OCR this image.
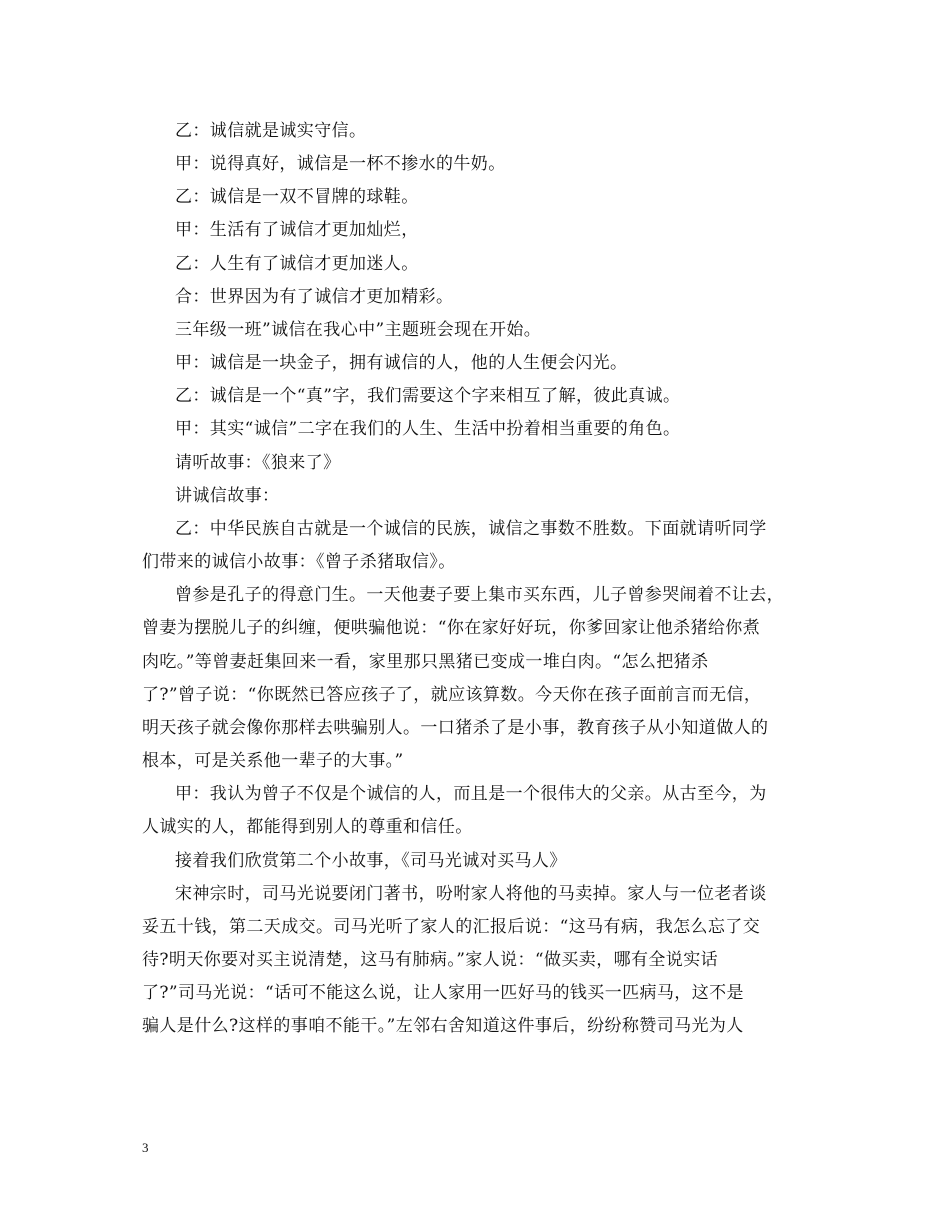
乙：诚信就是诚实守信。
甲：说得真好，诚信是一杯不掺水的牛奶。
乙：诚信是一双不冒牌的球鞋。
甲：生活有了诚信才更加灿烂，
乙：人生有了诚信才更加迷人。
合：世界因为有了诚信才更加精彩。
三年级一班”诚信在我心中”主题班会现在开始。
甲：诚信是一块金子，拥有诚信的人，他的人生便会闪光。
乙：诚信是一个“真”字，我们需要这个字来相互了解，彼此真诚。
甲：其实“诚信”二字在我们的人生、生活中扮着相当重要的角色。
请听故事：《狼来了》
讲诚信故事：
乙：中华民族自古就是一个诚信的民族，诚信之事数不胜数。下面就请听同学
们带来的诚信小故事：《曾子杀猪取信》。
曾参是孔子的得意门生。一天他妻子要上集市买东西，儿子曾参哭闹着不让去，
曾妻为摆脱儿子的纠缠，便哄骗他说：“你在家好好玩，你爹回家让他杀猪给你煮
肉吃。”等曾妻赶集回来一看，家里那只黑猪已变成一堆白肉。“怎么把猪杀
了?”曾子说：“你既然已答应孩子了，就应该算数。今天你在孩子面前言而无信，
明天孩子就会像你那样去哄骗别人。一口猪杀了是小事，教育孩子从小知道做人的
根本，可是关系他一辈子的大事。”
甲：我认为曾子不仅是个诚信的人，而且是一个很伟大的父亲。从古至今，为
人诚实的人，都能得到别人的尊重和信任。
接着我们欣赏第二个小故事，《司马光诚对买马人》
宋神宗时，司马光说要闭门著书，吩咐家人将他的马卖掉。家人与一位老者谈
妥五十钱，第二天成交。司马光听了家人的汇报后说：“这马有病，我怎么忘了交
待?明天你要对买主说清楚，这马有肺病。”家人说：“做买卖，哪有全说实话
了?”司马光说：“话可不能这么说，让人家用一匹好马的钱买一匹病马，这不是
骗人是什么?这样的事咱不能干。”左邻右舍知道这件事后，纷纷称赞司马光为人
3
